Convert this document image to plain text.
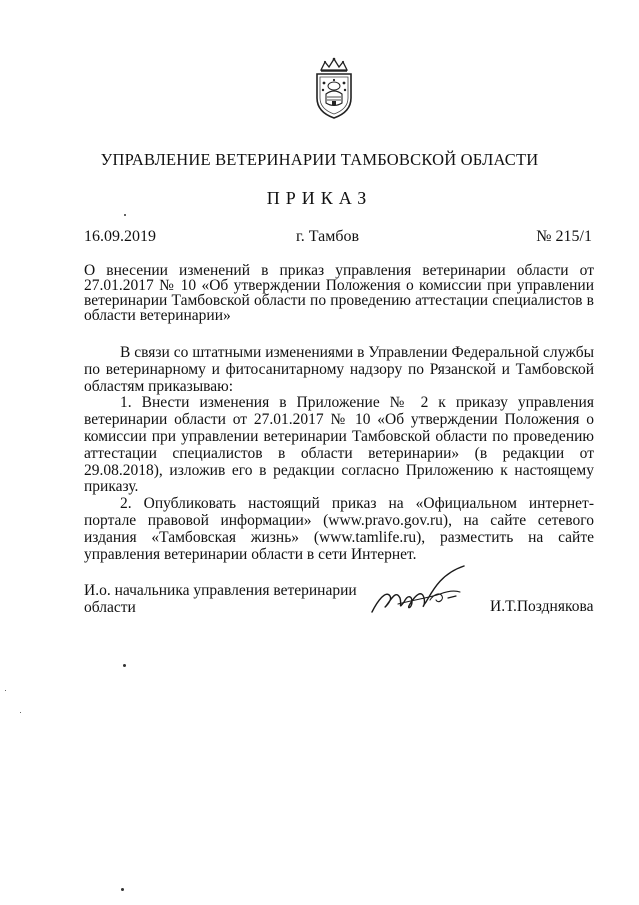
УПРАВЛЕНИЕ ВЕТЕРИНАРИИ ТАМБОВСКОЙ ОБЛАСТИ
ПРИКАЗ
16.09.2019	г. Тамбов	№ 215/1
О внесении изменений в приказ управления ветеринарии области от 27.01.2017 № 10 «Об утверждении Положения о комиссии при управлении ветеринарии Тамбовской области по проведению аттестации специалистов в области ветеринарии»

В связи со штатными изменениями в Управлении Федеральной службы по ветеринарному и фитосанитарному надзору по Рязанской и Тамбовской областям приказываю:

1. Внести изменения в Приложение № 2 к приказу управления ветеринарии области от 27.01.2017 № 10 «Об утверждении Положения о комиссии при управлении ветеринарии Тамбовской области по проведению аттестации специалистов в области ветеринарии» (в редакции от 29.08.2018), изложив его в редакции согласно Приложению к настоящему приказу.

2. Опубликовать настоящий приказ на «Официальном интернет-портале правовой информации» (www.pravo.gov.ru), на сайте сетевого издания «Тамбовская жизнь» (www.tamlife.ru), разместить на сайте управления ветеринарии области в сети Интернет.

И.о. начальника управления ветеринарии области	И.Т.Позднякова
